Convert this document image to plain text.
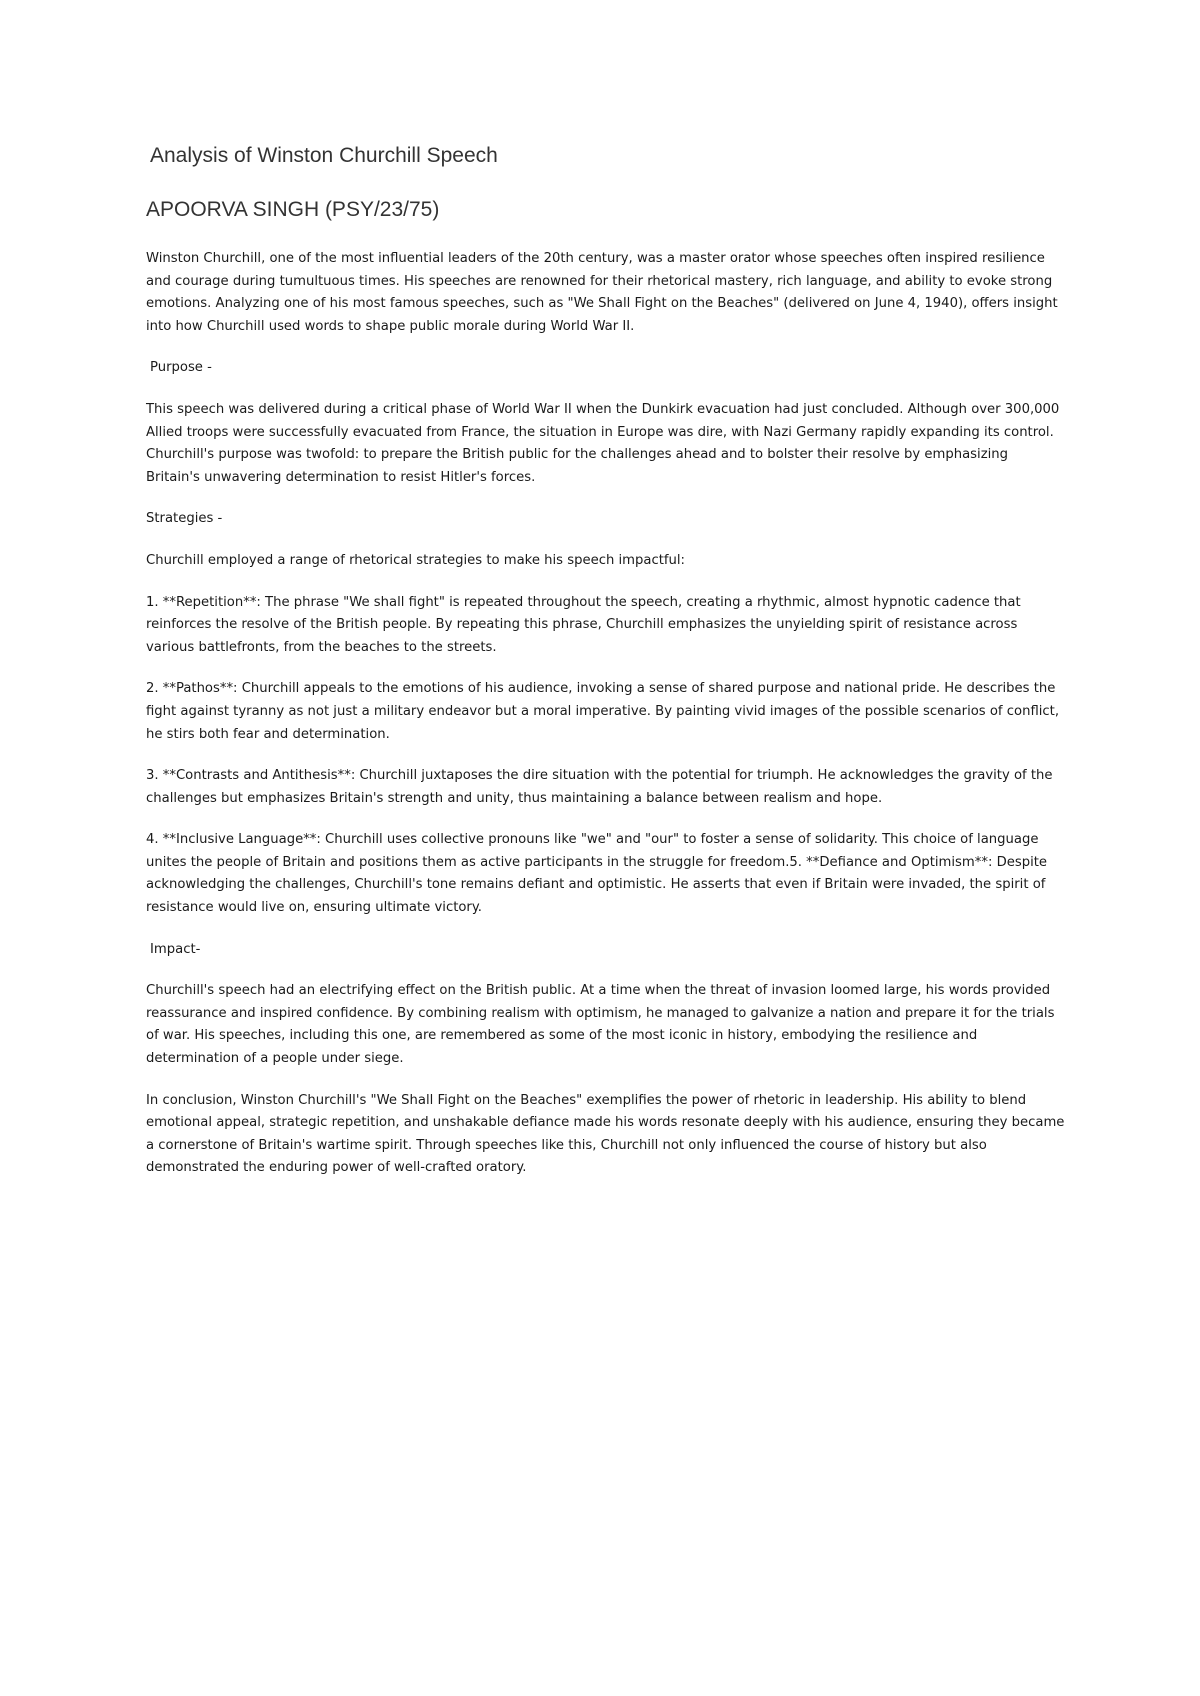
Analysis of Winston Churchill Speech
APOORVA SINGH (PSY/23/75)

Winston Churchill, one of the most influential leaders of the 20th century, was a master orator whose speeches often inspired resilience and courage during tumultuous times. His speeches are renowned for their rhetorical mastery, rich language, and ability to evoke strong emotions. Analyzing one of his most famous speeches, such as "We Shall Fight on the Beaches" (delivered on June 4, 1940), offers insight into how Churchill used words to shape public morale during World War II.

Purpose -

This speech was delivered during a critical phase of World War II when the Dunkirk evacuation had just concluded. Although over 300,000 Allied troops were successfully evacuated from France, the situation in Europe was dire, with Nazi Germany rapidly expanding its control. Churchill's purpose was twofold: to prepare the British public for the challenges ahead and to bolster their resolve by emphasizing Britain's unwavering determination to resist Hitler's forces.

Strategies -

Churchill employed a range of rhetorical strategies to make his speech impactful:

1. **Repetition**: The phrase "We shall fight" is repeated throughout the speech, creating a rhythmic, almost hypnotic cadence that reinforces the resolve of the British people. By repeating this phrase, Churchill emphasizes the unyielding spirit of resistance across various battlefronts, from the beaches to the streets.

2. **Pathos**: Churchill appeals to the emotions of his audience, invoking a sense of shared purpose and national pride. He describes the fight against tyranny as not just a military endeavor but a moral imperative. By painting vivid images of the possible scenarios of conflict, he stirs both fear and determination.

3. **Contrasts and Antithesis**: Churchill juxtaposes the dire situation with the potential for triumph. He acknowledges the gravity of the challenges but emphasizes Britain's strength and unity, thus maintaining a balance between realism and hope.

4. **Inclusive Language**: Churchill uses collective pronouns like "we" and "our" to foster a sense of solidarity. This choice of language unites the people of Britain and positions them as active participants in the struggle for freedom.5. **Defiance and Optimism**: Despite acknowledging the challenges, Churchill's tone remains defiant and optimistic. He asserts that even if Britain were invaded, the spirit of resistance would live on, ensuring ultimate victory.

Impact-

Churchill's speech had an electrifying effect on the British public. At a time when the threat of invasion loomed large, his words provided reassurance and inspired confidence. By combining realism with optimism, he managed to galvanize a nation and prepare it for the trials of war. His speeches, including this one, are remembered as some of the most iconic in history, embodying the resilience and determination of a people under siege.

In conclusion, Winston Churchill's "We Shall Fight on the Beaches" exemplifies the power of rhetoric in leadership. His ability to blend emotional appeal, strategic repetition, and unshakable defiance made his words resonate deeply with his audience, ensuring they became a cornerstone of Britain's wartime spirit. Through speeches like this, Churchill not only influenced the course of history but also demonstrated the enduring power of well-crafted oratory.
